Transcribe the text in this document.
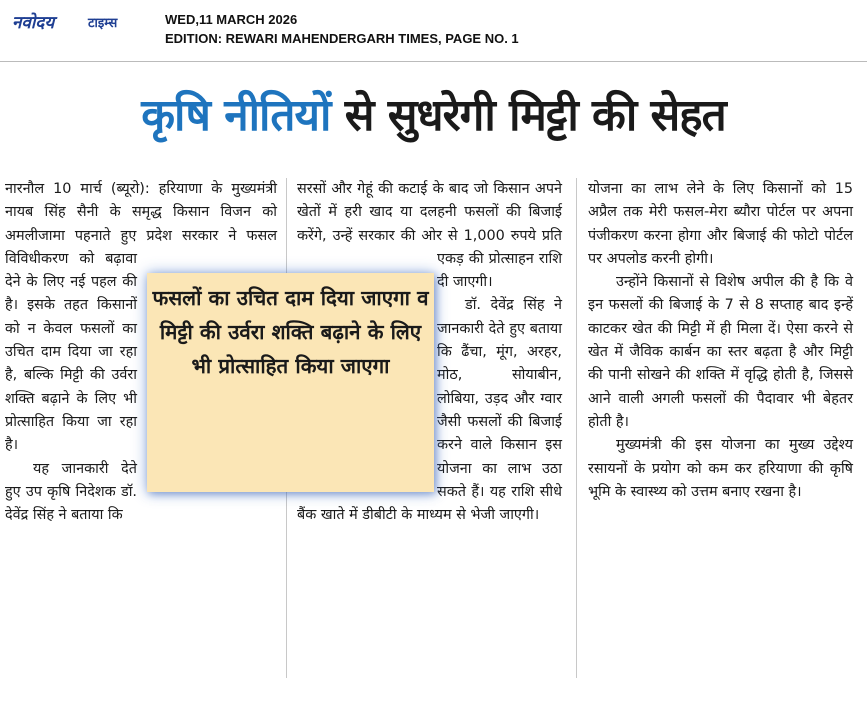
नवोदय	टाइम्स	WED,11 MARCH 2026
EDITION: REWARI MAHENDERGARH TIMES, PAGE NO. 1
कृषि नीतियों से सुधरेगी मिट्टी की सेहत

नारनौल 10 मार्च (ब्यूरो): हरियाणा के मुख्यमंत्री नायब सिंह सैनी के समृद्ध किसान विजन को अमलीजामा पहनाते हुए प्रदेश सरकार ने फसल विविधीकरण को बढ़ावा देने के लिए नई पहल की है। इसके तहत किसानों को न केवल फसलों का उचित दाम दिया जा रहा है, बल्कि मिट्टी की उर्वरा शक्ति बढ़ाने के लिए भी प्रोत्साहित किया जा रहा है।

यह जानकारी देते हुए उप कृषि निदेशक डॉ. देवेंद्र सिंह ने बताया कि

सरसों और गेहूं की कटाई के बाद जो किसान अपने खेतों में हरी खाद या दलहनी फसलों की बिजाई करेंगे, उन्हें सरकार की ओर से 1,000 रुपये प्रति एकड़ की प्रोत्साहन राशि दी जाएगी।

डॉ. देवेंद्र सिंह ने जानकारी देते हुए बताया कि ढैंचा, मूंग, अरहर, मोठ, सोयाबीन, लोबिया, उड़द और ग्वार जैसी फसलों की बिजाई करने वाले किसान इस योजना का लाभ उठा सकते हैं। यह राशि सीधे बैंक खाते में डीबीटी के माध्यम से भेजी जाएगी।

योजना का लाभ लेने के लिए किसानों को 15 अप्रैल तक मेरी फसल-मेरा ब्यौरा पोर्टल पर अपना पंजीकरण करना होगा और बिजाई की फोटो पोर्टल पर अपलोड करनी होगी।

उन्होंने किसानों से विशेष अपील की है कि वे इन फसलों की बिजाई के 7 से 8 सप्ताह बाद इन्हें काटकर खेत की मिट्टी में ही मिला दें। ऐसा करने से खेत में जैविक कार्बन का स्तर बढ़ता है और मिट्टी की पानी सोखने की शक्ति में वृद्धि होती है, जिससे आने वाली अगली फसलों की पैदावार भी बेहतर होती है।

मुख्यमंत्री की इस योजना का मुख्य उद्देश्य रसायनों के प्रयोग को कम कर हरियाणा की कृषि भूमि के स्वास्थ्य को उत्तम बनाए रखना है।

फसलों का उचित दाम दिया जाएगा व मिट्टी की उर्वरा शक्ति बढ़ाने के लिए भी प्रोत्साहित किया जाएगा
